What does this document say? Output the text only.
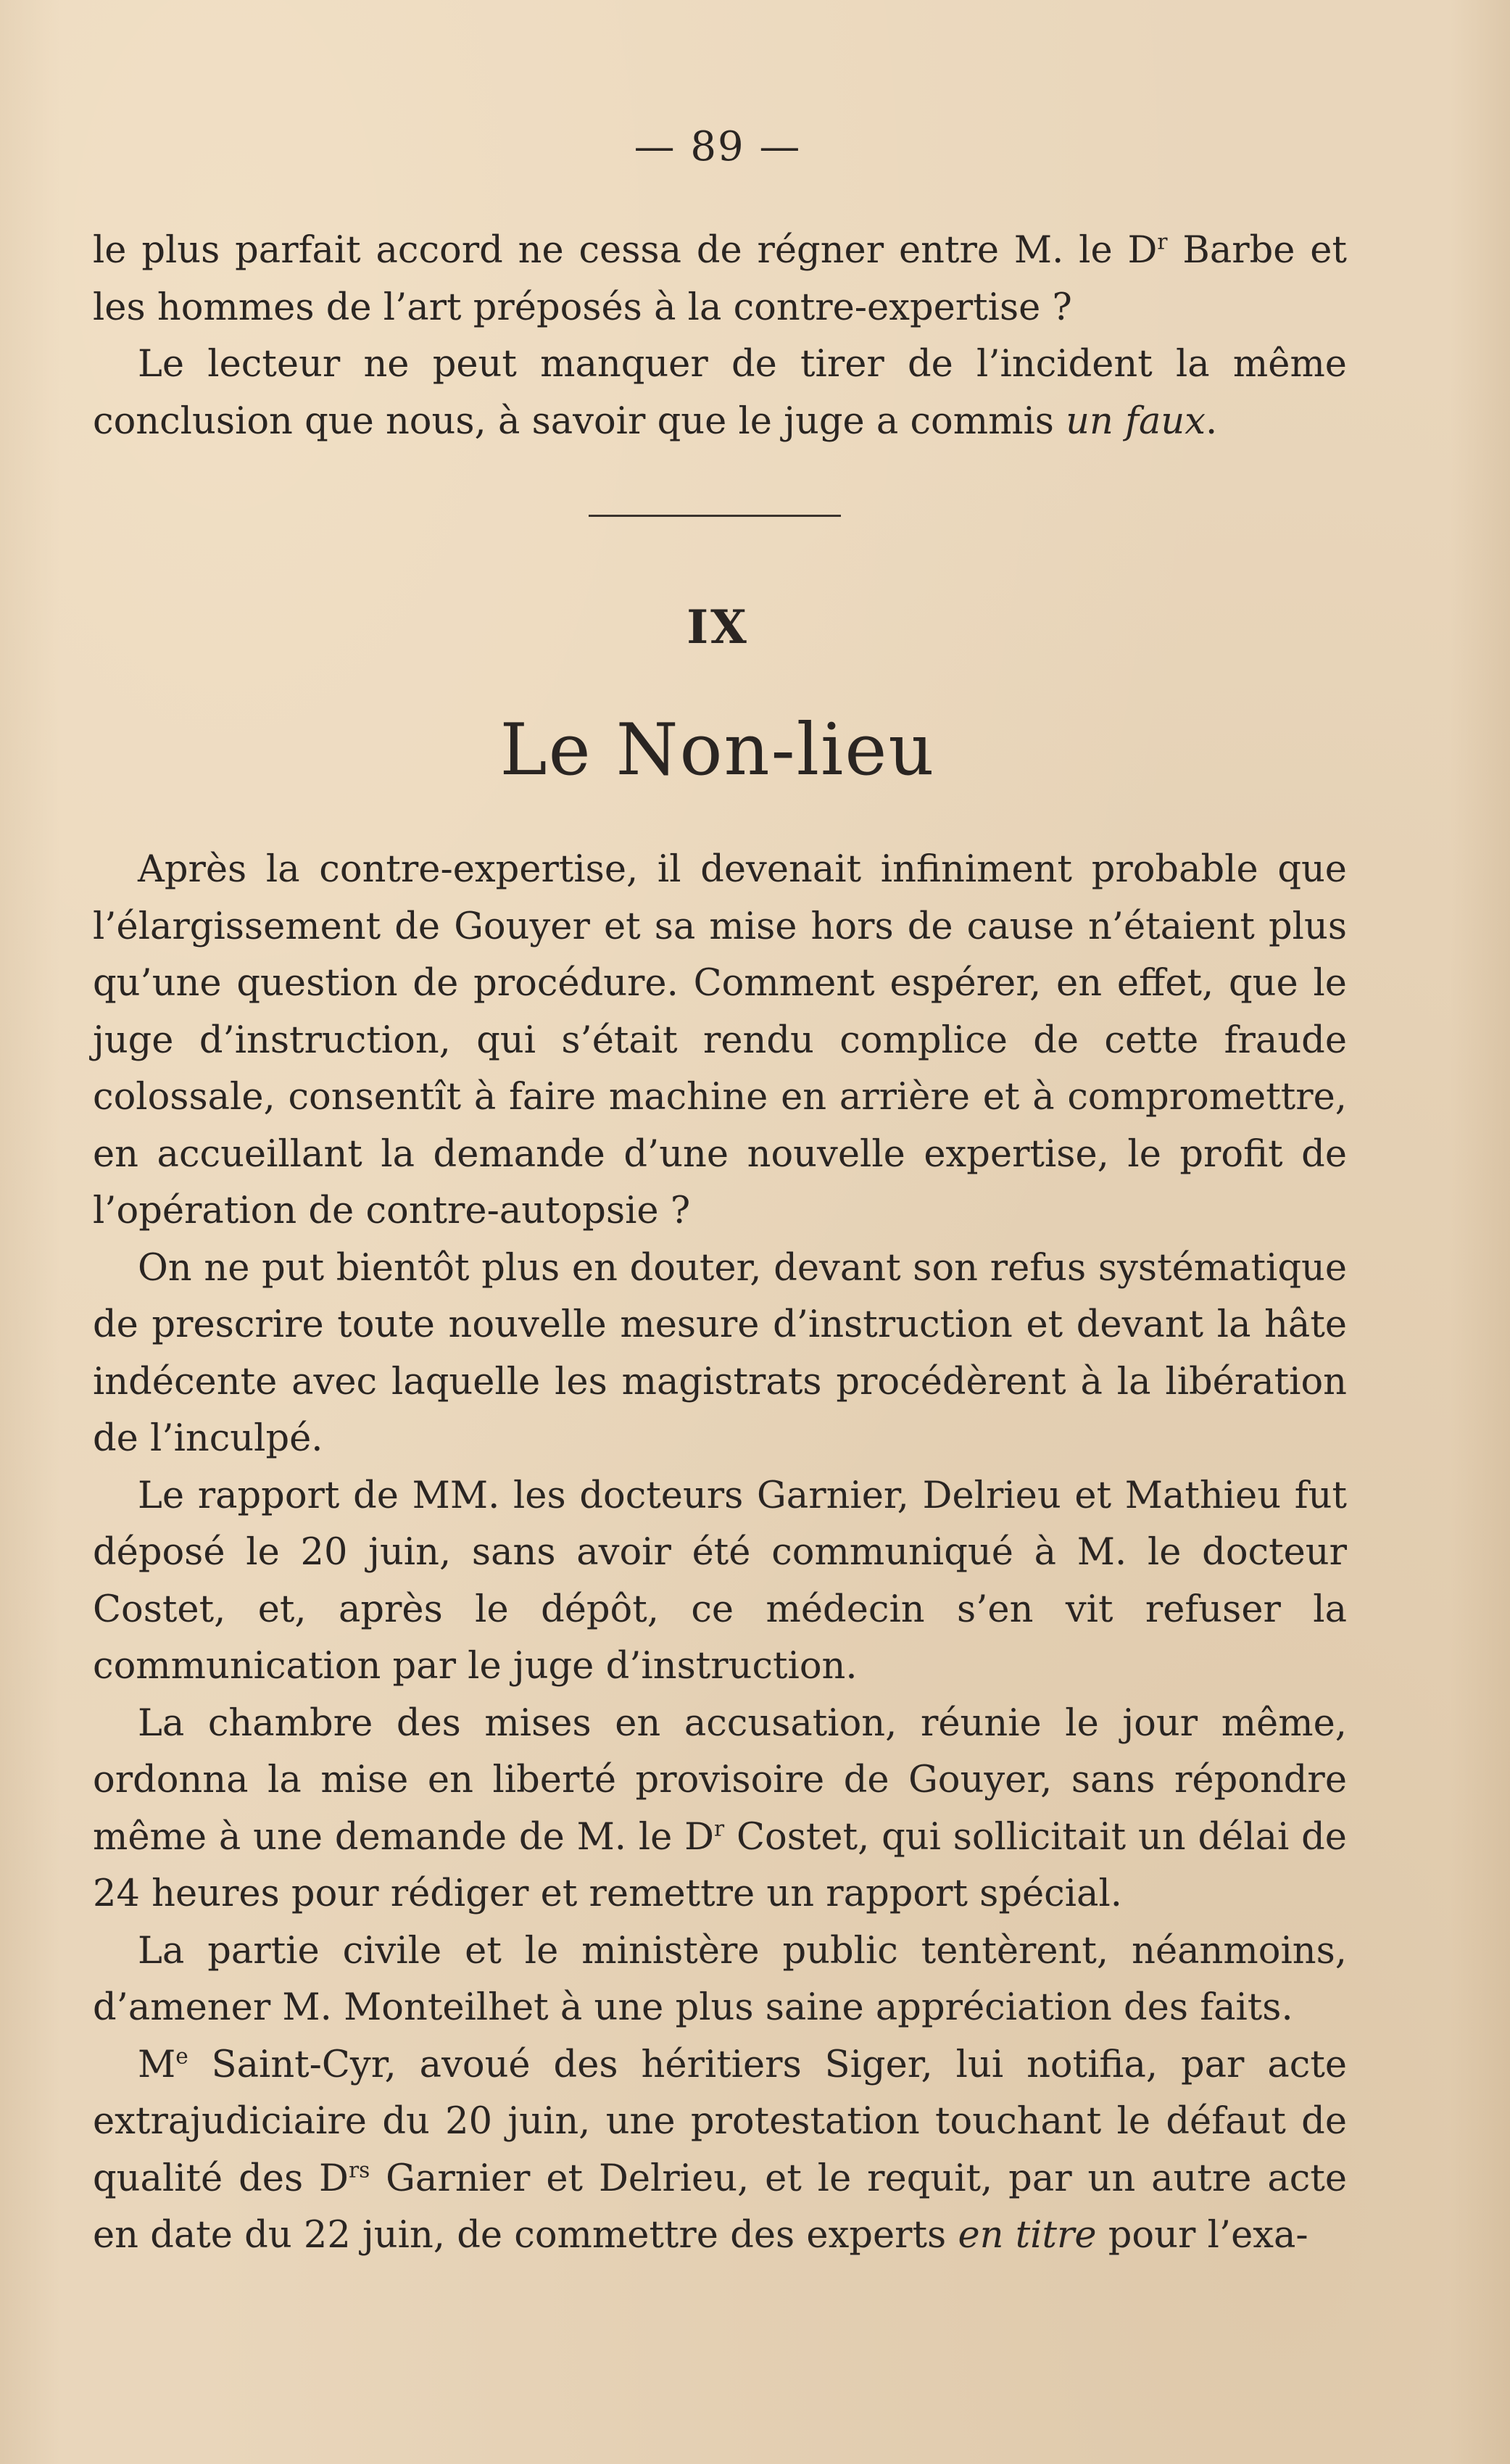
— 89 —

le plus parfait accord ne cessa de régner entre M. le $D^r$ Barbe et les hommes de l’art préposés à la contre-expertise ?

Le lecteur ne peut manquer de tirer de l’incident la même conclusion que nous, à savoir que le juge a commis un faux.

IX
Le Non-lieu

Après la contre-expertise, il devenait infiniment probable que l’élargissement de Gouyer et sa mise hors de cause n’étaient plus qu’une question de procédure. Comment espérer, en effet, que le juge d’instruction, qui s’était rendu complice de cette fraude colossale, consentît à faire machine en arrière et à compromettre, en accueillant la demande d’une nouvelle expertise, le profit de l’opération de contre-autopsie ?

On ne put bientôt plus en douter, devant son refus systématique de prescrire toute nouvelle mesure d’instruction et devant la hâte indécente avec laquelle les magistrats procédèrent à la libération de l’inculpé.

Le rapport de MM. les docteurs Garnier, Delrieu et Mathieu fut déposé le 20 juin, sans avoir été communiqué à M. le docteur Costet, et, après le dépôt, ce médecin s’en vit refuser la communication par le juge d’instruction.

La chambre des mises en accusation, réunie le jour même, ordonna la mise en liberté provisoire de Gouyer, sans répondre même à une demande de M. le $D^r$ Costet, qui sollicitait un délai de 24 heures pour rédiger et remettre un rapport spécial.

La partie civile et le ministère public tentèrent, néanmoins, d’amener M. Monteilhet à une plus saine appréciation des faits.

Me Saint-Cyr, avoué des héritiers Siger, lui notifia, par acte extrajudiciaire du 20 juin, une protestation touchant le défaut de qualité des $D^{rs}$ Garnier et Delrieu, et le requit, par un autre acte en date du 22 juin, de commettre des experts en titre pour l’exa-
